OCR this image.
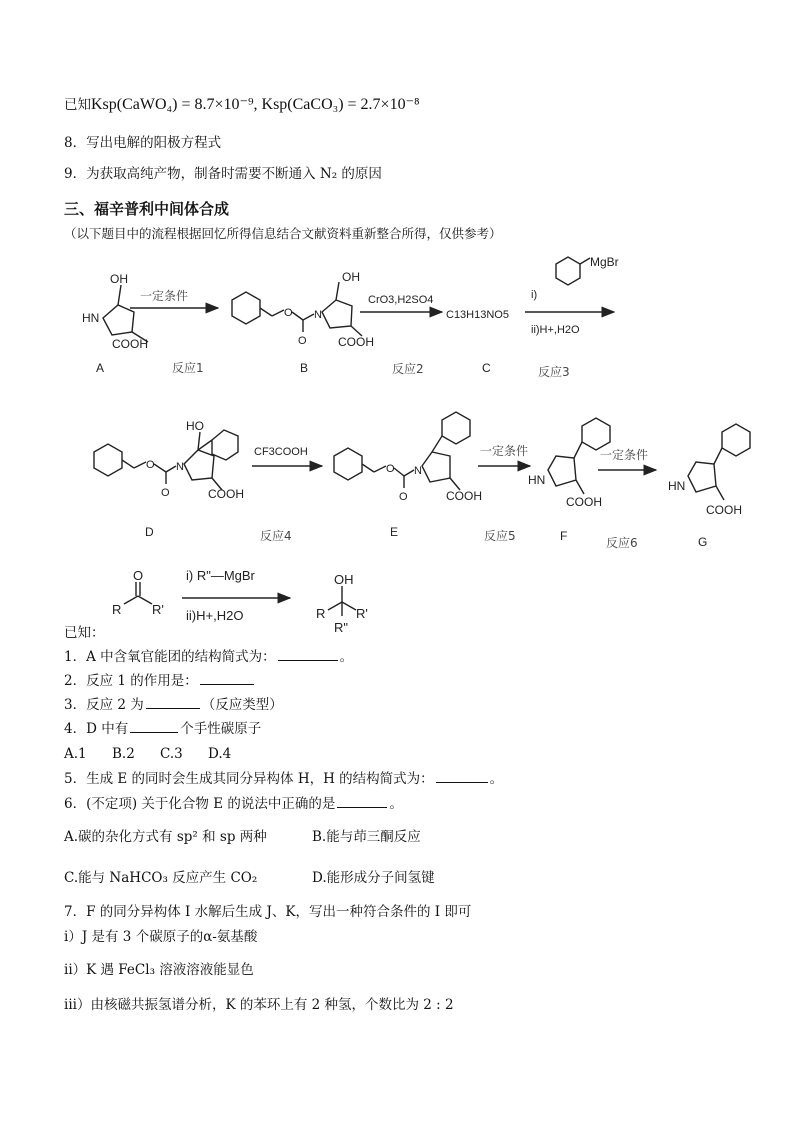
已知Ksp(CaWO₄) = 8.7×10⁻⁹, Ksp(CaCO₃) = 2.7×10⁻⁸
8．写出电解的阳极方程式
9．为获取高纯产物，制备时需要不断通入 N₂ 的原因
三、福辛普利中间体合成
（以下题目中的流程根据回忆所得信息结合文献资料重新整合所得，仅供参考）
OH
HN
COOH
A
一定条件
反应1
O
O
N
OH
COOH
B
CrO3,H2SO4
C13H13NO5
反应2	C
MgBr
i)
ii)H+,H2O
反应3
O
O
N
HO
COOH
D
CF3COOH
反应4
O
O
N
COOH
E
一定条件
反应5
HN
COOH
F
一定条件
反应6
HN
COOH
G
O
R R'
i) R"—MgBr
ii)H+,H2O
OH
R R'
R"
已知：
1．A 中含氧官能团的结构简式为：	。
2．反应 1 的作用是：
3．反应 2 为	（反应类型）
4．D 中有	个手性碳原子
A.1 B.2 C.3 D.4
5．生成 E 的同时会生成其同分异构体 H，H 的结构简式为：	。
6．(不定项) 关于化合物 E 的说法中正确的是	。
A.碳的杂化方式有 sp² 和 sp 两种	B.能与茚三酮反应
C.能与 NaHCO₃ 反应产生 CO₂	D.能形成分子间氢键
7．F 的同分异构体 I 水解后生成 J、K，写出一种符合条件的 I 即可
i）J 是有 3 个碳原子的α-氨基酸
ii）K 遇 FeCl₃ 溶液溶液能显色
iii）由核磁共振氢谱分析，K 的苯环上有 2 种氢，个数比为 2 : 2
